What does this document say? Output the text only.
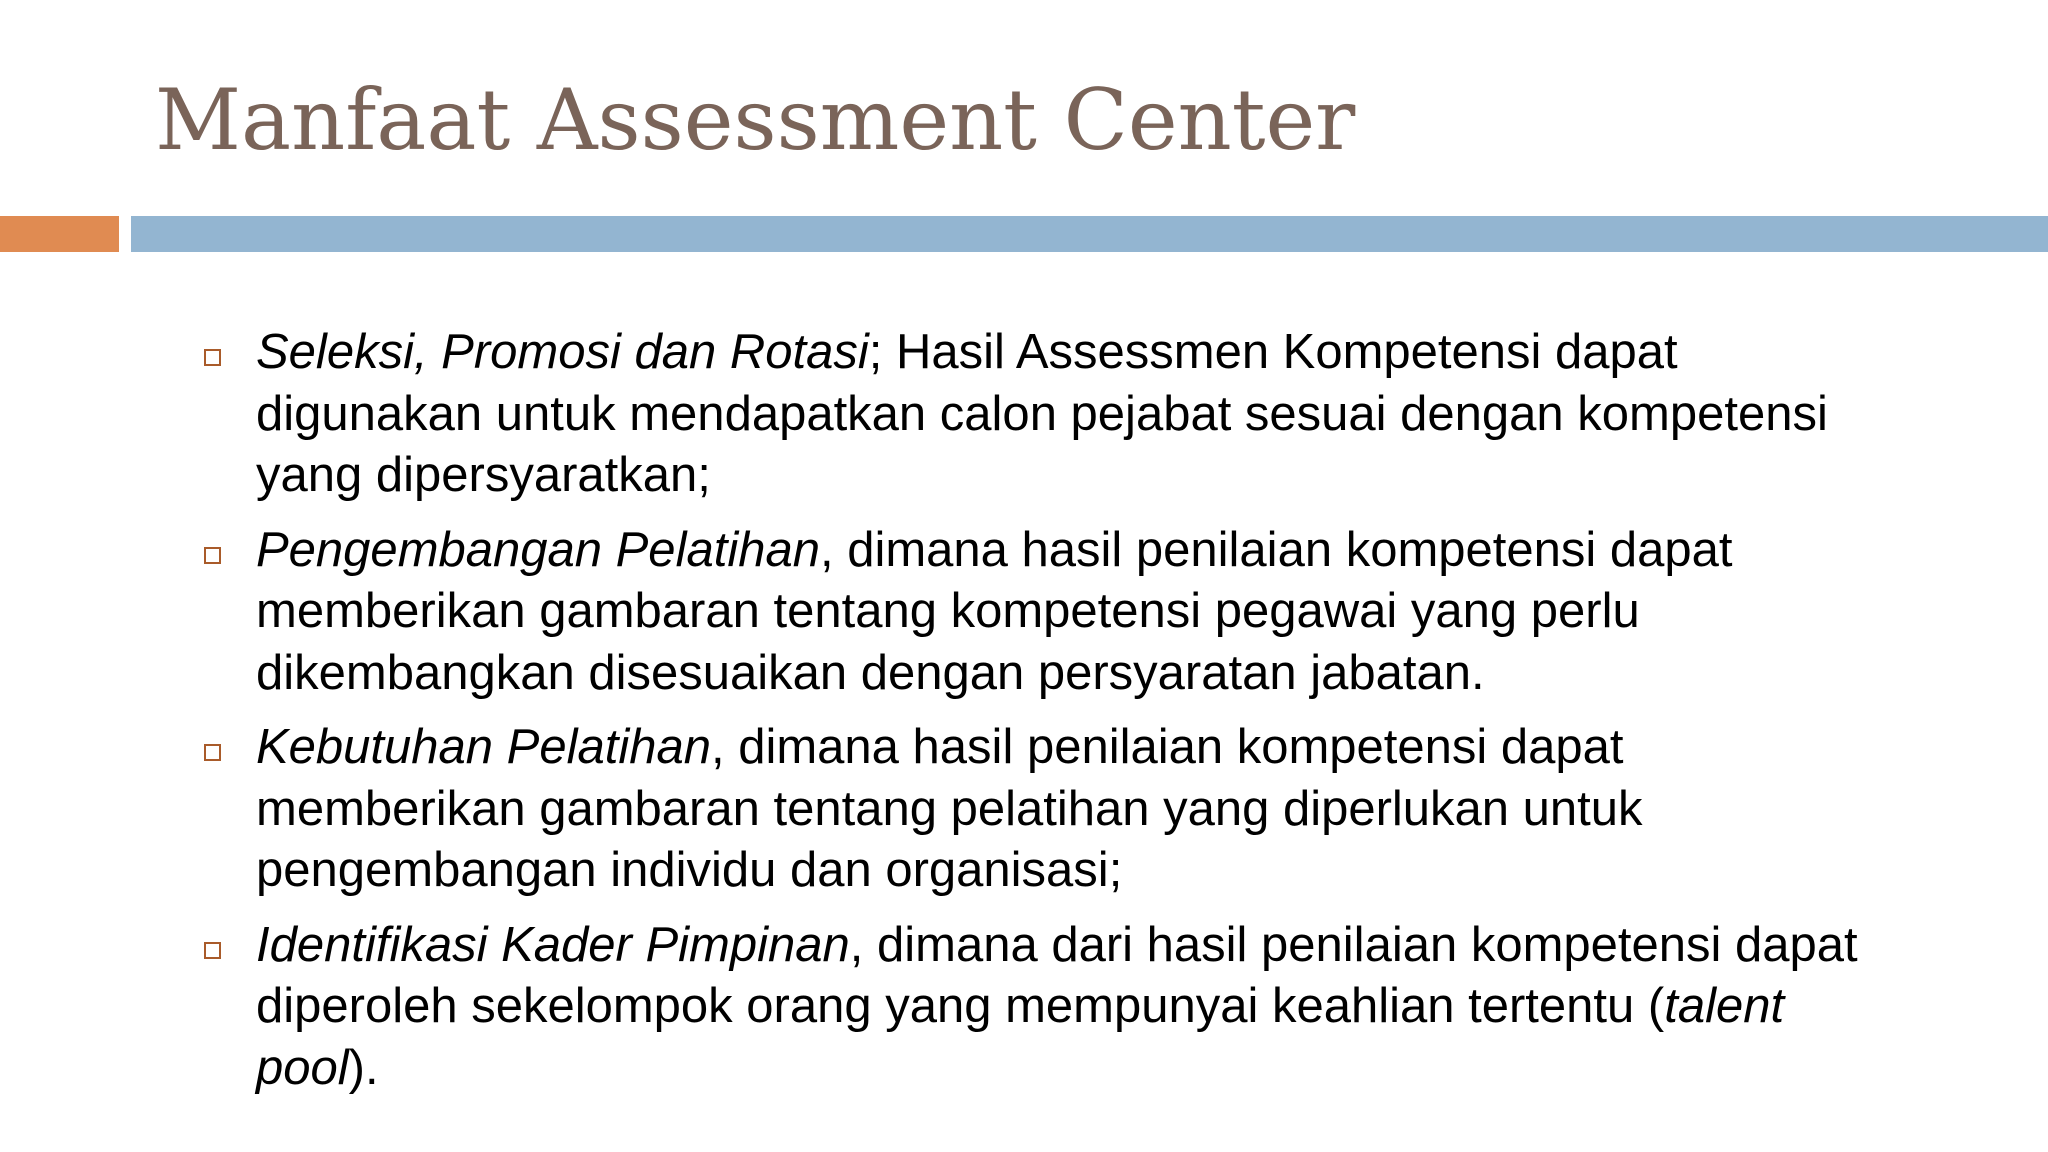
Manfaat Assessment Center
Seleksi, Promosi dan Rotasi; Hasil Assessmen Kompetensi dapat digunakan untuk mendapatkan calon pejabat sesuai dengan kompetensi yang dipersyaratkan;
Pengembangan Pelatihan, dimana hasil penilaian kompetensi dapat memberikan gambaran tentang kompetensi pegawai yang perlu dikembangkan disesuaikan dengan persyaratan jabatan.
Kebutuhan Pelatihan, dimana hasil penilaian kompetensi dapat memberikan gambaran tentang pelatihan yang diperlukan untuk pengembangan individu dan organisasi;
Identifikasi Kader Pimpinan, dimana dari hasil penilaian kompetensi dapat diperoleh sekelompok orang yang mempunyai keahlian tertentu (talent pool).
